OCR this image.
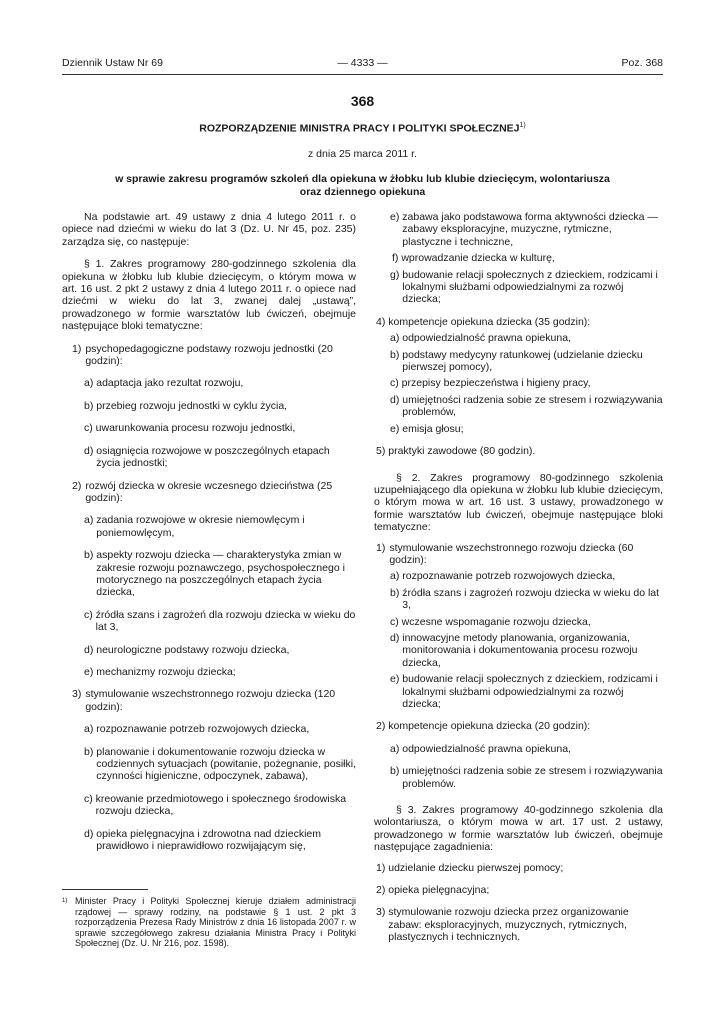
Dziennik Ustaw Nr 69	— 4333 —	Poz. 368
368
ROZPORZĄDZENIE MINISTRA PRACY I POLITYKI SPOŁECZNEJ$^{1)}$
z dnia 25 marca 2011 r.
w sprawie zakresu programów szkoleń dla opiekuna w żłobku lub klubie dziecięcym, wolontariusza
oraz dziennego opiekuna

Na podstawie art. 49 ustawy z dnia 4 lutego 2011 r. o opiece nad dziećmi w wieku do lat 3 (Dz. U. Nr 45, poz. 235) zarządza się, co następuje:

§ 1. Zakres programowy 280-godzinnego szkolenia dla opiekuna w żłobku lub klubie dziecięcym, o którym mowa w art. 16 ust. 2 pkt 2 ustawy z dnia 4 lutego 2011 r. o opiece nad dziećmi w wieku do lat 3, zwanej dalej „ustawą”, prowadzonego w formie warsztatów lub ćwiczeń, obejmuje następujące bloki tematyczne:

1) psychopedagogiczne podstawy rozwoju jednostki (20 godzin):
a) adaptacja jako rezultat rozwoju,
b) przebieg rozwoju jednostki w cyklu życia,
c) uwarunkowania procesu rozwoju jednostki,
d) osiągnięcia rozwojowe w poszczególnych etapach życia jednostki;
2) rozwój dziecka w okresie wczesnego dzieciństwa (25 godzin):
a) zadania rozwojowe w okresie niemowlęcym i poniemowlęcym,
b) aspekty rozwoju dziecka — charakterystyka zmian w zakresie rozwoju poznawczego, psychospołecznego i motorycznego na poszczególnych etapach życia dziecka,
c) źródła szans i zagrożeń dla rozwoju dziecka w wieku do lat 3,
d) neurologiczne podstawy rozwoju dziecka,
e) mechanizmy rozwoju dziecka;
3) stymulowanie wszechstronnego rozwoju dziecka (120 godzin):
a) rozpoznawanie potrzeb rozwojowych dziecka,
b) planowanie i dokumentowanie rozwoju dziecka w codziennych sytuacjach (powitanie, pożegnanie, posiłki, czynności higieniczne, odpoczynek, zabawa),
c) kreowanie przedmiotowego i społecznego środowiska rozwoju dziecka,
d) opieka pielęgnacyjna i zdrowotna nad dzieckiem prawidłowo i nieprawidłowo rozwijającym się,
e) zabawa jako podstawowa forma aktywności dziecka — zabawy eksploracyjne, muzyczne, rytmiczne, plastyczne i techniczne,
f) wprowadzanie dziecka w kulturę,
g) budowanie relacji społecznych z dzieckiem, rodzicami i lokalnymi służbami odpowiedzialnymi za rozwój dziecka;
4) kompetencje opiekuna dziecka (35 godzin):
a) odpowiedzialność prawna opiekuna,
b) podstawy medycyny ratunkowej (udzielanie dziecku pierwszej pomocy),
c) przepisy bezpieczeństwa i higieny pracy,
d) umiejętności radzenia sobie ze stresem i rozwiązywania problemów,
e) emisja głosu;
5) praktyki zawodowe (80 godzin).

§ 2. Zakres programowy 80-godzinnego szkolenia uzupełniającego dla opiekuna w żłobku lub klubie dziecięcym, o którym mowa w art. 16 ust. 3 ustawy, prowadzonego w formie warsztatów lub ćwiczeń, obejmuje następujące bloki tematyczne:

1) stymulowanie wszechstronnego rozwoju dziecka (60 godzin):
a) rozpoznawanie potrzeb rozwojowych dziecka,
b) źródła szans i zagrożeń rozwoju dziecka w wieku do lat 3,
c) wczesne wspomaganie rozwoju dziecka,
d) innowacyjne metody planowania, organizowania, monitorowania i dokumentowania procesu rozwoju dziecka,
e) budowanie relacji społecznych z dzieckiem, rodzicami i lokalnymi służbami odpowiedzialnymi za rozwój dziecka;
2) kompetencje opiekuna dziecka (20 godzin):
a) odpowiedzialność prawna opiekuna,
b) umiejętności radzenia sobie ze stresem i rozwiązywania problemów.

§ 3. Zakres programowy 40-godzinnego szkolenia dla wolontariusza, o którym mowa w art. 17 ust. 2 ustawy, prowadzonego w formie warsztatów lub ćwiczeń, obejmuje następujące zagadnienia:

1) udzielanie dziecku pierwszej pomocy;
2) opieka pielęgnacyjna;
3) stymulowanie rozwoju dziecka przez organizowanie zabaw: eksploracyjnych, muzycznych, rytmicznych, plastycznych i technicznych.
$^{1)}$ Minister Pracy i Polityki Społecznej kieruje działem administracji rządowej — sprawy rodziny, na podstawie § 1 ust. 2 pkt 3 rozporządzenia Prezesa Rady Ministrów z dnia 16 listopada 2007 r. w sprawie szczegółowego zakresu działania Ministra Pracy i Polityki Społecznej (Dz. U. Nr 216, poz. 1598).
